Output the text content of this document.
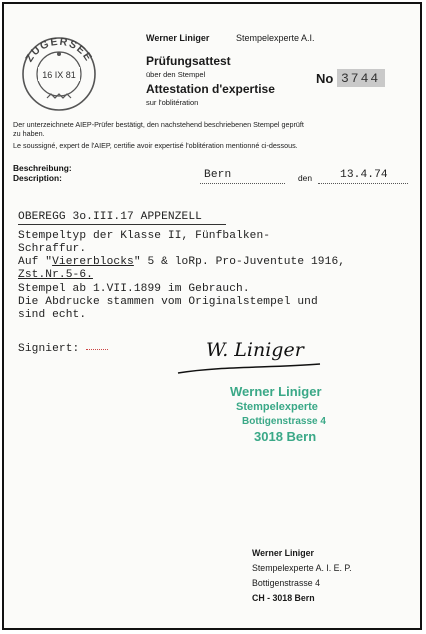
ZUGERSEE
16 IX 81
Werner Liniger	Stempelexperte A.I.
Prüfungsattest
über den Stempel
Attestation d'expertise
sur l'oblitération
No 3744
Der unterzeichnete AIEP-Prüfer bestätigt, den nachstehend beschriebenen Stempel geprüft
zu haben.
Le soussigné, expert de l'AIEP, certifie avoir expertisé l'oblitération mentionné ci-dessous.
Beschreibung:
Description:	Bern	den	13.4.74
OBEREGG 3o.III.17 APPENZELL
Stempeltyp der Klasse II, Fünfbalken-
Schraffur.
Auf "Viererblocks" 5 & loRp. Pro-Juventute 1916,
Zst.Nr.5-6.
Stempel ab 1.VII.1899 im Gebrauch.
Die Abdrucke stammen vom Originalstempel und
sind echt.
Signiert:	W. Liniger
Werner Liniger
Stempelexperte
Bottigenstrasse 4
3018 Bern
Werner Liniger
Stempelexperte A. I. E. P.
Bottigenstrasse 4
CH - 3018 Bern
